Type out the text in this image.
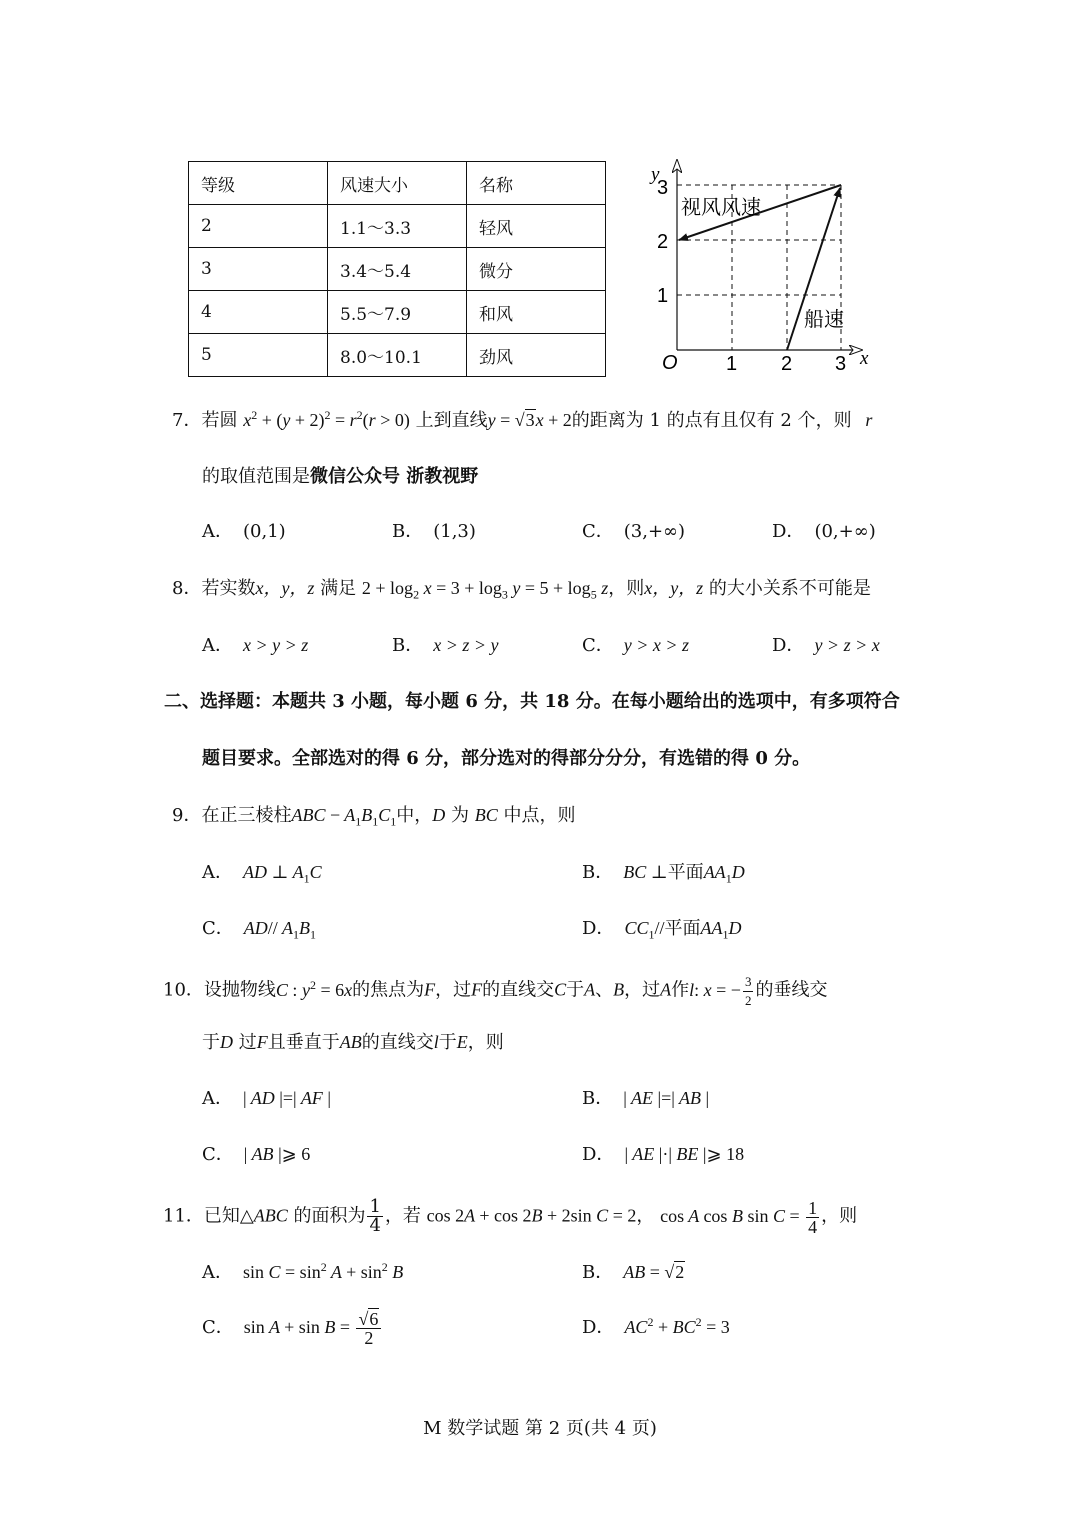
等级	风速大小	名称
2	1.1～3.3	轻风
3	3.4～5.4	微分
4	5.5～7.9	和风
5	8.0～10.1	劲风
y
x
O
3
2
1
1 2 3
视风风速
船速
7．若圆 $x^2 + (y + 2)^2 = r^2(r > 0)$ 上到直线y = √3x + 2的距离为 1 的点有且仅有 2 个，则 r
的取值范围是微信公众号 浙教视野
A． (0,1)	B． (1,3)	C． (3,+∞)	D． (0,+∞)
8．若实数x，y，z 满足 $2 + \log_2 x = 3 + \log_3 y = 5 + \log_5 z$，则x，y，z 的大小关系不可能是
A． x > y > z	B． x > z > y	C． y > x > z	D． y > z > x
二、选择题：本题共 3 小题，每小题 6 分，共 18 分。在每小题给出的选项中，有多项符合
题目要求。全部选对的得 6 分，部分选对的得部分分分，有选错的得 0 分。
9．在正三棱柱ABC − $A_1B_1C_1$中，D 为 BC 中点，则
A． AD ⊥ $A_1C$	B． BC ⊥平面$AA_1D$
C． AD// $A_1B_1$	D． $CC_1//$平面$AA_1D$
10．设抛物线C : $y^2 = 6x$的焦点为F，过F的直线交C于A、B，过A作l: x = − $\frac{3}{2}$ 的垂线交
于D 过F且垂直于AB的直线交l于E，则
A． | AD |=| AF |	B． | AE |=| AB |
C． | AB |⩾ 6	D． | AE |·| BE |⩾ 18
11．已知△ABC 的面积为 $\frac{1}{4}$ ，若 cos 2A + cos 2B + 2sin C = 2， cos A cos B $\sin C = \frac{1}{4}$ ，则
A． $\sin C = \sin^2 A + \sin^2 B$	B． AB = √2
C． $\sin A + \sin B = \frac{√6}{2}$	D． $AC^2 + BC^2 = 3$
M 数学试题 第 2 页(共 4 页)
